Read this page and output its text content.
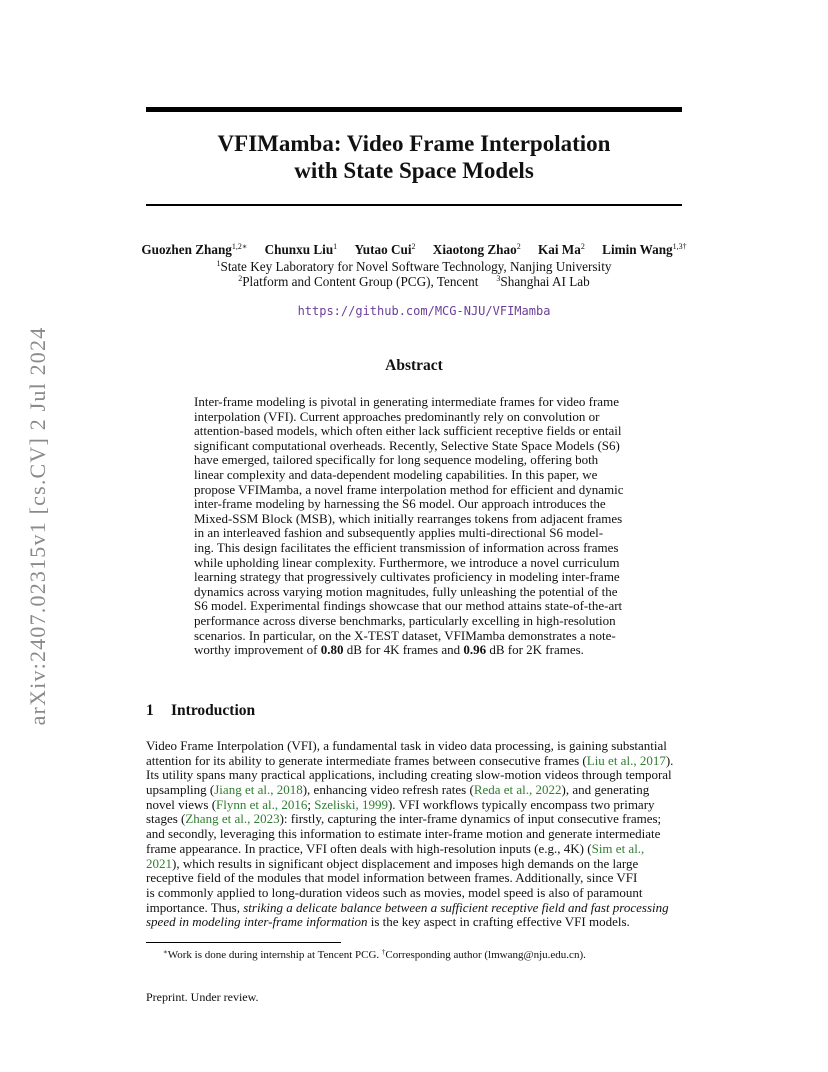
arXiv:2407.02315v1 [cs.CV] 2 Jul 2024
VFIMamba: Video Frame Interpolation
with State Space Models
Guozhen Zhang$^{1,2∗}$ Chunxu Liu$^1$ Yutao Cui$^2$ Xiaotong Zhao$^2$ Kai Ma$^2$ Limin Wang$^{1,3\dagger}$
$^1$State Key Laboratory for Novel Software Technology, Nanjing University
$^2$Platform and Content Group (PCG), Tencent $^3$Shanghai AI Lab
https://github.com/MCG-NJU/VFIMamba
Abstract
Inter-frame modeling is pivotal in generating intermediate frames for video frame
interpolation (VFI). Current approaches predominantly rely on convolution or
attention-based models, which often either lack sufficient receptive fields or entail
significant computational overheads. Recently, Selective State Space Models (S6)
have emerged, tailored specifically for long sequence modeling, offering both
linear complexity and data-dependent modeling capabilities. In this paper, we
propose VFIMamba, a novel frame interpolation method for efficient and dynamic
inter-frame modeling by harnessing the S6 model. Our approach introduces the
Mixed-SSM Block (MSB), which initially rearranges tokens from adjacent frames
in an interleaved fashion and subsequently applies multi-directional S6 model-
ing. This design facilitates the efficient transmission of information across frames
while upholding linear complexity. Furthermore, we introduce a novel curriculum
learning strategy that progressively cultivates proficiency in modeling inter-frame
dynamics across varying motion magnitudes, fully unleashing the potential of the
S6 model. Experimental findings showcase that our method attains state-of-the-art
performance across diverse benchmarks, particularly excelling in high-resolution
scenarios. In particular, on the X-TEST dataset, VFIMamba demonstrates a note-
worthy improvement of 0.80 dB for 4K frames and 0.96 dB for 2K frames.
1 Introduction
Video Frame Interpolation (VFI), a fundamental task in video data processing, is gaining substantial
attention for its ability to generate intermediate frames between consecutive frames (Liu et al., 2017).
Its utility spans many practical applications, including creating slow-motion videos through temporal
upsampling (Jiang et al., 2018), enhancing video refresh rates (Reda et al., 2022), and generating
novel views (Flynn et al., 2016; Szeliski, 1999). VFI workflows typically encompass two primary
stages (Zhang et al., 2023): firstly, capturing the inter-frame dynamics of input consecutive frames;
and secondly, leveraging this information to estimate inter-frame motion and generate intermediate
frame appearance. In practice, VFI often deals with high-resolution inputs (e.g., 4K) (Sim et al.,
2021), which results in significant object displacement and imposes high demands on the large
receptive field of the modules that model information between frames. Additionally, since VFI
is commonly applied to long-duration videos such as movies, model speed is also of paramount
importance. Thus, striking a delicate balance between a sufficient receptive field and fast processing
speed in modeling inter-frame information is the key aspect in crafting effective VFI models.
∗Work is done during internship at Tencent PCG. †Corresponding author (lmwang@nju.edu.cn).
Preprint. Under review.
